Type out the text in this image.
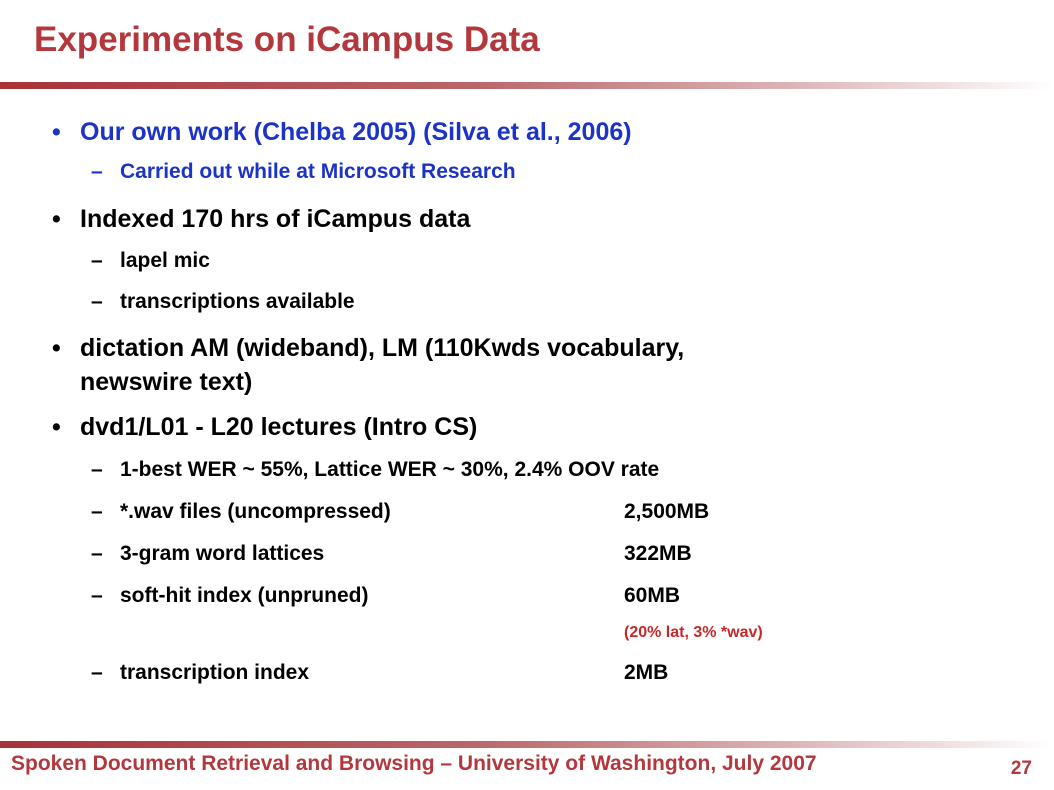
Experiments on iCampus Data
• Our own work (Chelba 2005) (Silva et al., 2006)
– Carried out while at Microsoft Research
• Indexed 170 hrs of iCampus data
– lapel mic
– transcriptions available
• dictation AM (wideband), LM (110Kwds vocabulary,
newswire text)
• dvd1/L01 - L20 lectures (Intro CS)
– 1-best WER ~ 55%, Lattice WER ~ 30%, 2.4% OOV rate
– *.wav files (uncompressed)	2,500MB
– 3-gram word lattices	322MB
– soft-hit index (unpruned)	60MB
(20% lat, 3% *wav)
– transcription index	2MB
Spoken Document Retrieval and Browsing – University of Washington, July 2007	27
